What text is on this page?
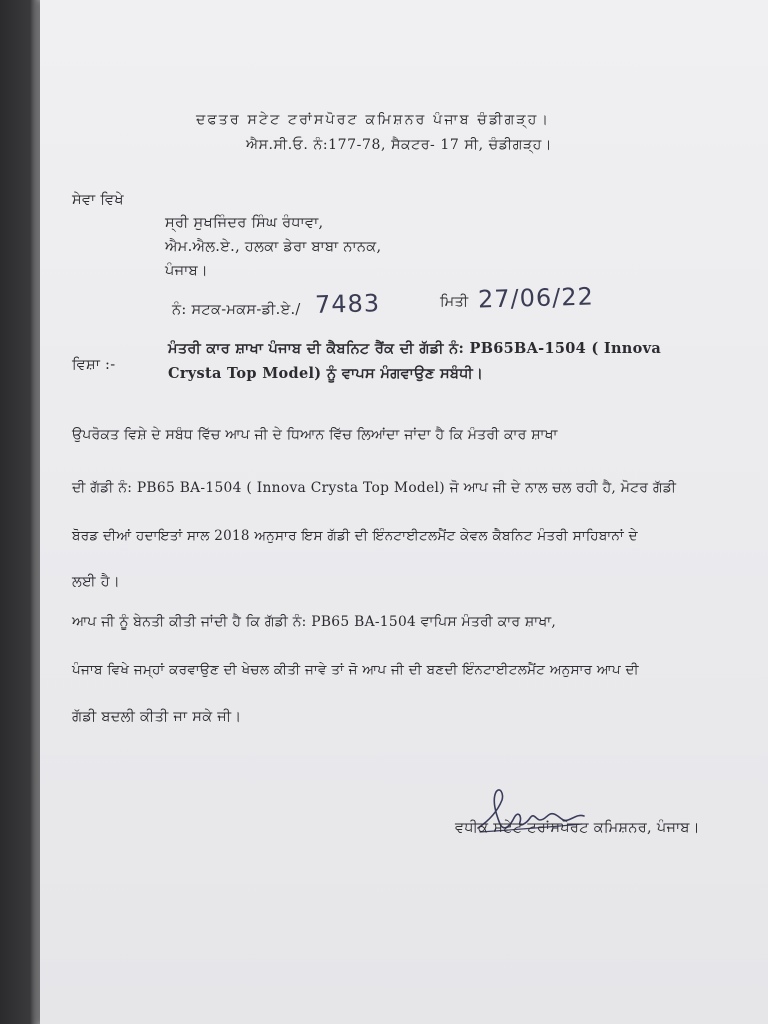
ਦਫਤਰ ਸਟੇਟ ਟਰਾਂਸਪੋਰਟ ਕਮਿਸ਼ਨਰ ਪੰਜਾਬ ਚੰਡੀਗੜ੍ਹ।
ਐਸ.ਸੀ.ਓ. ਨੰ:177-78, ਸੈਕਟਰ- 17 ਸੀ, ਚੰਡੀਗੜ੍ਹ।
ਸੇਵਾ ਵਿਖੇ
ਸ੍ਰੀ ਸੁਖਜਿੰਦਰ ਸਿੰਘ ਰੰਧਾਵਾ,
ਐਮ.ਐਲ.ਏ., ਹਲਕਾ ਡੇਰਾ ਬਾਬਾ ਨਾਨਕ,
ਪੰਜਾਬ।
ਨੰ: ਸਟਕ-ਮਕਸ-ਡੀ.ਏ./ 7483	ਮਿਤੀ 27/06/22
ਵਿਸ਼ਾ :-
ਮੰਤਰੀ ਕਾਰ ਸ਼ਾਖਾ ਪੰਜਾਬ ਦੀ ਕੈਬਨਿਟ ਰੈਂਕ ਦੀ ਗੱਡੀ ਨੰ: PB65BA-1504 ( Innova
Crysta Top Model) ਨੂੰ ਵਾਪਸ ਮੰਗਵਾਉਣ ਸਬੰਧੀ।
ਉਪਰੋਕਤ ਵਿਸ਼ੇ ਦੇ ਸਬੰਧ ਵਿੱਚ ਆਪ ਜੀ ਦੇ ਧਿਆਨ ਵਿੱਚ ਲਿਆਂਦਾ ਜਾਂਦਾ ਹੈ ਕਿ ਮੰਤਰੀ ਕਾਰ ਸ਼ਾਖਾ
ਦੀ ਗੱਡੀ ਨੰ: PB65 BA-1504 ( Innova Crysta Top Model) ਜੋ ਆਪ ਜੀ ਦੇ ਨਾਲ ਚਲ ਰਹੀ ਹੈ, ਮੋਟਰ ਗੱਡੀ
ਬੋਰਡ ਦੀਆਂ ਹਦਾਇਤਾਂ ਸਾਲ 2018 ਅਨੁਸਾਰ ਇਸ ਗੱਡੀ ਦੀ ਇੰਨਟਾਈਟਲਮੈਂਟ ਕੇਵਲ ਕੈਬਨਿਟ ਮੰਤਰੀ ਸਾਹਿਬਾਨਾਂ ਦੇ
ਲਈ ਹੈ।
ਆਪ ਜੀ ਨੂੰ ਬੇਨਤੀ ਕੀਤੀ ਜਾਂਦੀ ਹੈ ਕਿ ਗੱਡੀ ਨੰ: PB65 BA-1504 ਵਾਪਿਸ ਮੰਤਰੀ ਕਾਰ ਸ਼ਾਖਾ,
ਪੰਜਾਬ ਵਿਖੇ ਜਮ੍ਹਾਂ ਕਰਵਾਉਣ ਦੀ ਖੇਚਲ ਕੀਤੀ ਜਾਵੇ ਤਾਂ ਜੋ ਆਪ ਜੀ ਦੀ ਬਣਦੀ ਇੰਨਟਾਈਟਲਮੈਂਟ ਅਨੁਸਾਰ ਆਪ ਦੀ
ਗੱਡੀ ਬਦਲੀ ਕੀਤੀ ਜਾ ਸਕੇ ਜੀ।
ਵਧੀਕ ਸਟੇਟ ਟਰਾਂਸਪੋਰਟ ਕਮਿਸ਼ਨਰ, ਪੰਜਾਬ।
